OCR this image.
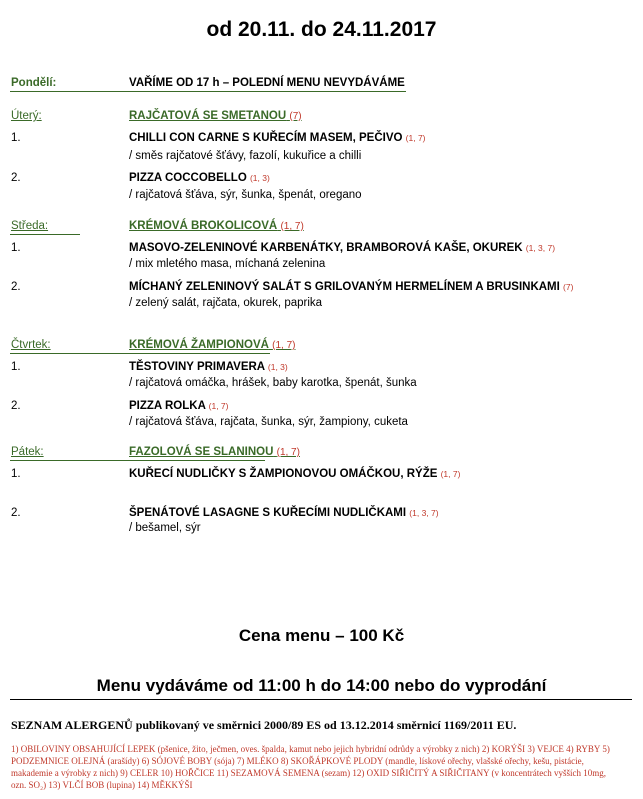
od 20.11. do 24.11.2017
Pondělí:	VAŘÍME OD 17 h – POLEDNÍ MENU NEVYDÁVÁME
Úterý:	RAJČATOVÁ SE SMETANOU (7)
1.	CHILLI CON CARNE S KUŘECÍM MASEM, PEČIVO (1, 7)
/ směs rajčatové šťávy, fazolí, kukuřice a chilli
2.	PIZZA COCCOBELLO (1, 3)
/ rajčatová šťáva, sýr, šunka, špenát, oregano
Středa:	KRÉMOVÁ BROKOLICOVÁ (1, 7)
1.	MASOVO-ZELENINOVÉ KARBENÁTKY, BRAMBOROVÁ KAŠE, OKUREK (1, 3, 7)
/ mix mletého masa, míchaná zelenina
2.	MÍCHANÝ ZELENINOVÝ SALÁT S GRILOVANÝM HERMELÍNEM A BRUSINKAMI (7)
/ zelený salát, rajčata, okurek, paprika
Čtvrtek:	KRÉMOVÁ ŽAMPIONOVÁ (1, 7)
1.	TĚSTOVINY PRIMAVERA (1, 3)
/ rajčatová omáčka, hrášek, baby karotka, špenát, šunka
2.	PIZZA ROLKA (1, 7)
/ rajčatová šťáva, rajčata, šunka, sýr, žampiony, cuketa
Pátek:	FAZOLOVÁ SE SLANINOU (1, 7)
1.	KUŘECÍ NUDLIČKY S ŽAMPIONOVOU OMÁČKOU, RÝŽE (1, 7)
2.	ŠPENÁTOVÉ LASAGNE S KUŘECÍMI NUDLIČKAMI (1, 3, 7)
/ bešamel, sýr
Cena menu – 100 Kč
Menu vydáváme od 11:00 h do 14:00 nebo do vyprodání
SEZNAM ALERGENŮ publikovaný ve směrnici 2000/89 ES od 13.12.2014 směrnicí 1169/2011 EU.
1) OBILOVINY OBSAHUJÍCÍ LEPEK (pšenice, žito, ječmen, oves. špalda, kamut nebo jejich hybridní odrůdy a výrobky z nich) 2) KORÝŠI 3) VEJCE 4) RYBY 5) PODZEMNICE OLEJNÁ (arašídy) 6) SÓJOVÉ BOBY (sója) 7) MLÉKO 8) SKOŘÁPKOVÉ PLODY (mandle, lískové ořechy, vlašské ořechy, kešu, pistácie, makademie a výrobky z nich) 9) CELER 10) HOŘČICE 11) SEZAMOVÁ SEMENA (sezam) 12) OXID SIŘIČITÝ A SIŘIČITANY (v koncentrátech vyšších 10mg, ozn. SO₂) 13) VLČÍ BOB (lupina) 14) MĚKKÝŠI
